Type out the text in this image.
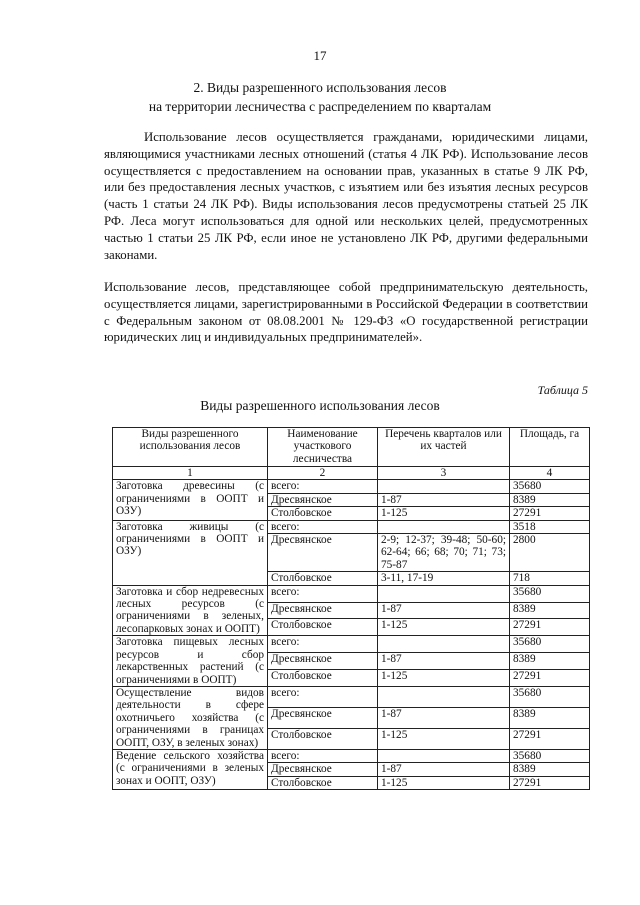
17
2. Виды разрешенного использования лесов
на территории лесничества с распределением по кварталам

Использование лесов осуществляется гражданами, юридическими лицами, являющимися участниками лесных отношений (статья 4 ЛК РФ). Использование лесов осуществляется с предоставлением на основании прав, указанных в статье 9 ЛК РФ, или без предоставления лесных участков, с изъятием или без изъятия лесных ресурсов (часть 1 статьи 24 ЛК РФ). Виды использования лесов предусмотрены статьей 25 ЛК РФ. Леса могут использоваться для одной или нескольких целей, предусмотренных частью 1 статьи 25 ЛК РФ, если иное не установлено ЛК РФ, другими федеральными законами.

Использование лесов, представляющее собой предпринимательскую деятельность, осуществляется лицами, зарегистрированными в Российской Федерации в соответствии с Федеральным законом от 08.08.2001 № 129-ФЗ «О государственной регистрации юридических лиц и индивидуальных предпринимателей».

Таблица 5
Виды разрешенного использования лесов
Виды разрешенного использования лесов	Наименование участкового лесничества	Перечень кварталов или их частей	Площадь, га
1	2	3	4
Заготовка древесины (с ограничениями в ООПТ и ОЗУ)	всего:		35680
	Дресвянское	1-87	8389
	Столбовское	1-125	27291
Заготовка живицы (с ограничениями в ООПТ и ОЗУ)	всего:		3518
	Дресвянское	2-9; 12-37; 39-48; 50-60; 62-64; 66; 68; 70; 71; 73; 75-87	2800
	Столбовское	3-11, 17-19	718
Заготовка и сбор недревесных лесных ресурсов (с ограничениями в зеленых, лесопарковых зонах и ООПТ)	всего:		35680
	Дресвянское	1-87	8389
	Столбовское	1-125	27291
Заготовка пищевых лесных ресурсов и сбор лекарственных растений (с ограничениями в ООПТ)	всего:		35680
	Дресвянское	1-87	8389
	Столбовское	1-125	27291
Осуществление видов деятельности в сфере охотничьего хозяйства (с ограничениями в границах ООПТ, ОЗУ, в зеленых зонах)	всего:		35680
	Дресвянское	1-87	8389
	Столбовское	1-125	27291
Ведение сельского хозяйства (с ограничениями в зеленых зонах и ООПТ, ОЗУ)	всего:		35680
	Дресвянское	1-87	8389
	Столбовское	1-125	27291
